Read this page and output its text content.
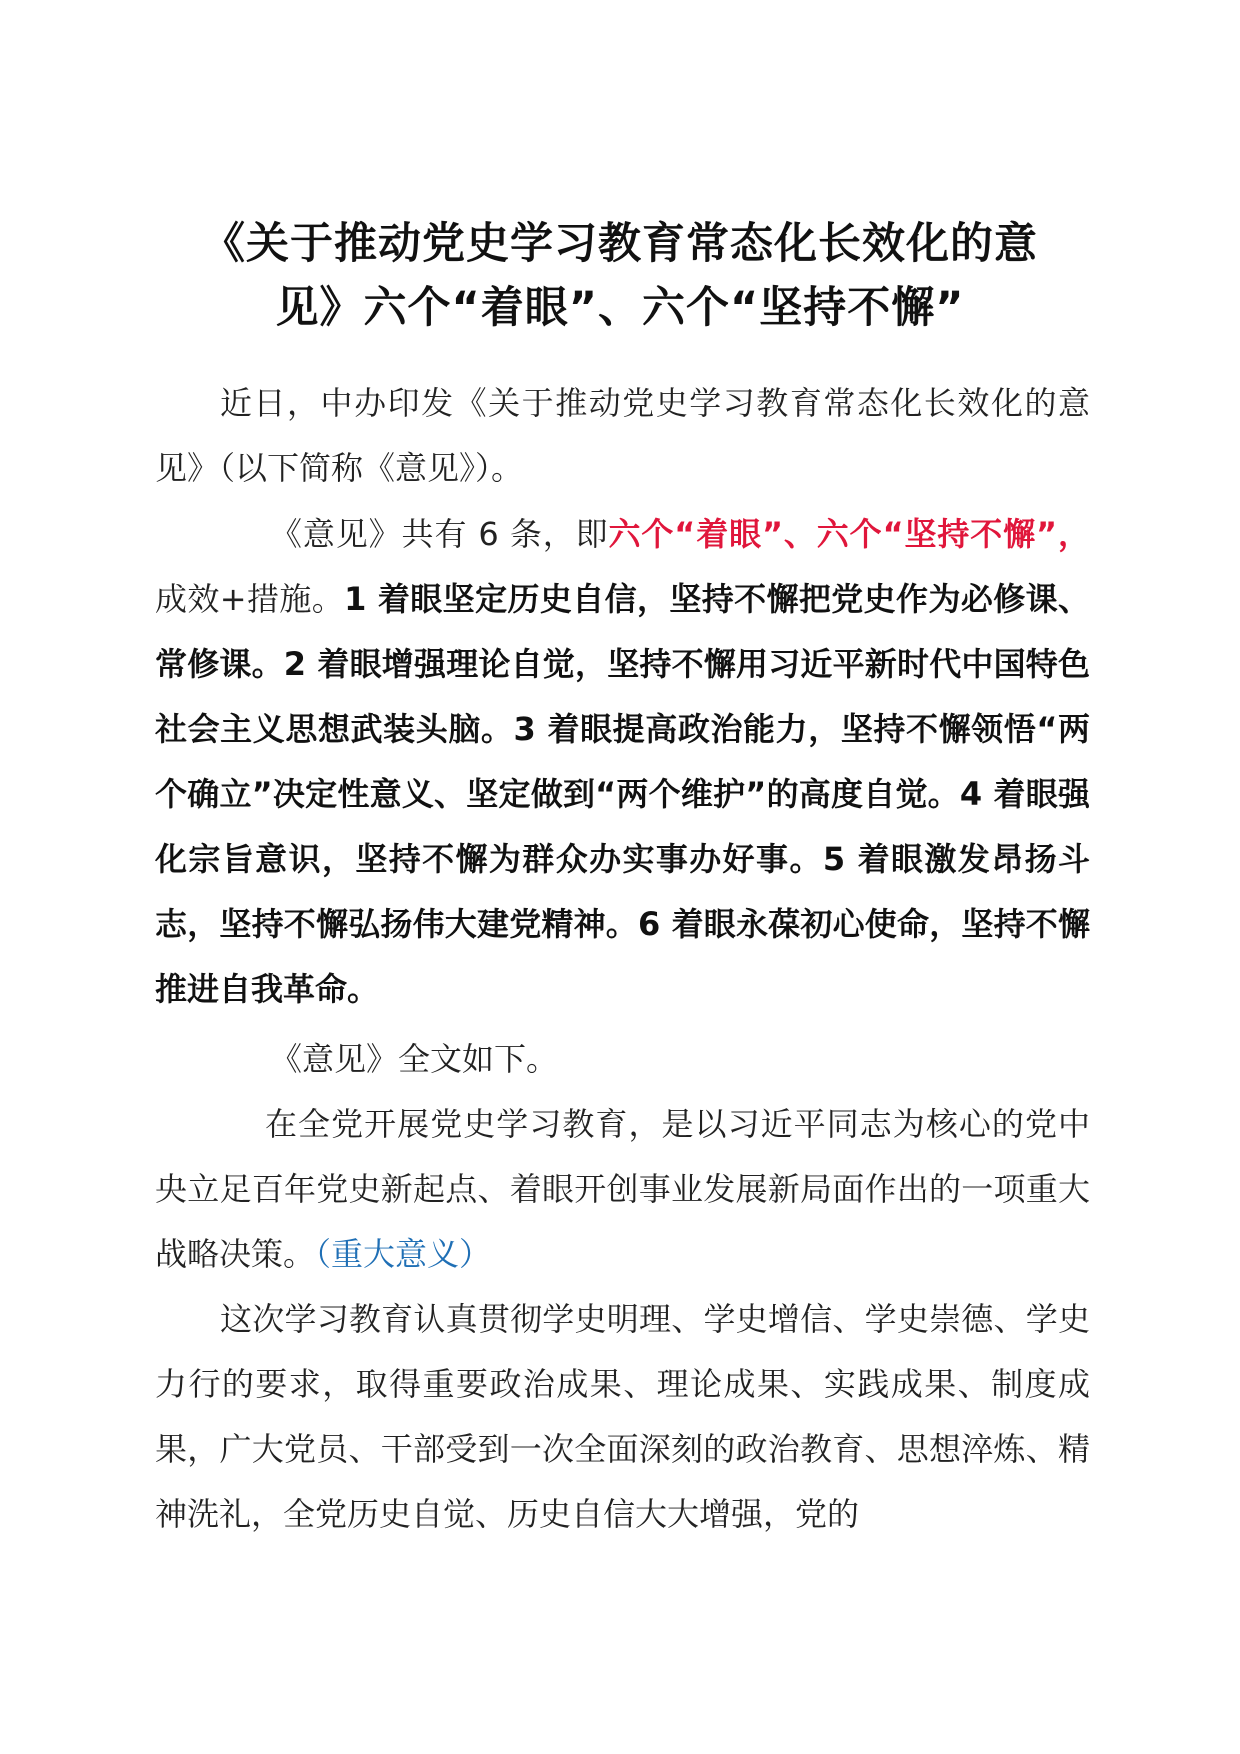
《关于推动党史学习教育常态化长效化的意
见》六个“着眼”、六个“坚持不懈”

近日，中办印发《关于推动党史学习教育常态化长效化的意见》（以下简称《意见》）。

《意见》共有 6 条，即六个“着眼”、六个“坚持不懈”，成效+措施。1 着眼坚定历史自信，坚持不懈把党史作为必修课、常修课。2 着眼增强理论自觉，坚持不懈用习近平新时代中国特色社会主义思想武装头脑。3 着眼提高政治能力，坚持不懈领悟“两个确立”决定性意义、坚定做到“两个维护”的高度自觉。4 着眼强化宗旨意识，坚持不懈为群众办实事办好事。5 着眼激发昂扬斗志，坚持不懈弘扬伟大建党精神。6 着眼永葆初心使命，坚持不懈推进自我革命。

《意见》全文如下。

在全党开展党史学习教育，是以习近平同志为核心的党中央立足百年党史新起点、着眼开创事业发展新局面作出的一项重大战略决策。（重大意义）

这次学习教育认真贯彻学史明理、学史增信、学史崇德、学史力行的要求，取得重要政治成果、理论成果、实践成果、制度成果，广大党员、干部受到一次全面深刻的政治教育、思想淬炼、精神洗礼，全党历史自觉、历史自信大大增强，党的
